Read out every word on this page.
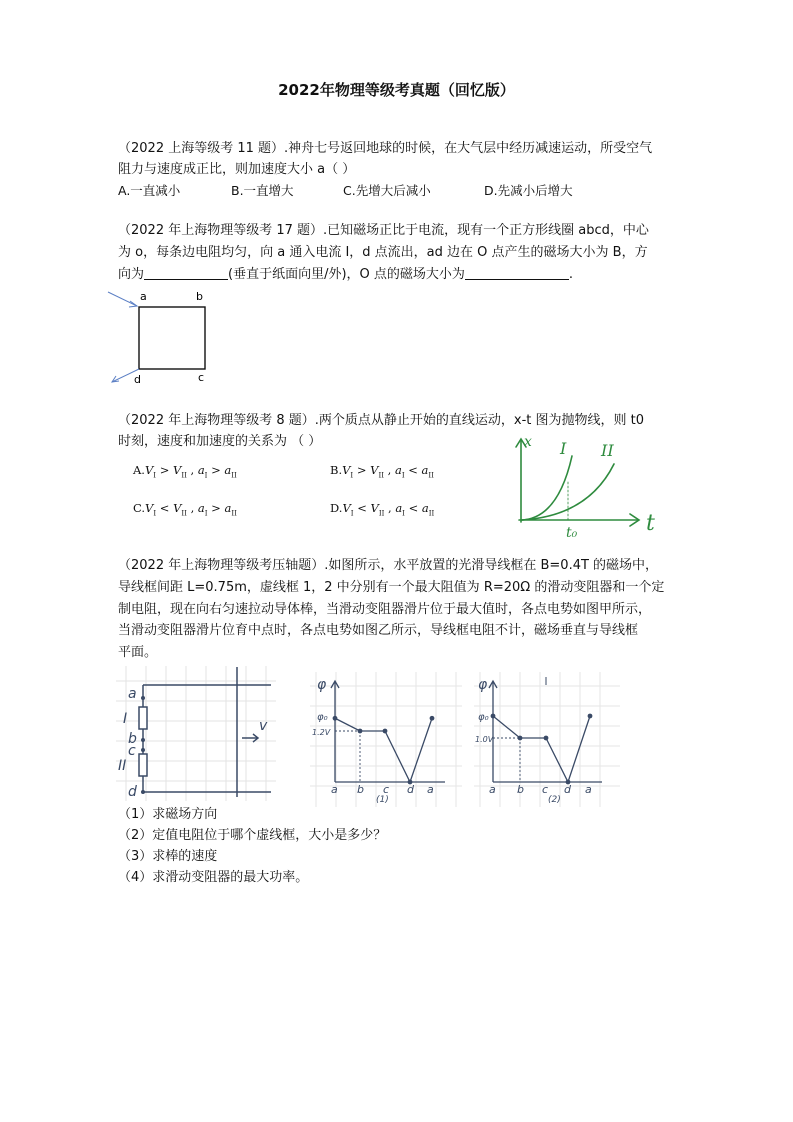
2022年物理等级考真题（回忆版）
（2022 上海等级考 11 题）.神舟七号返回地球的时候，在大气层中经历减速运动，所受空气
阻力与速度成正比，则加速度大小 a（ ）
A.一直减小	B.一直增大	C.先增大后减小	D.先减小后增大
（2022 年上海物理等级考 17 题）.已知磁场正比于电流，现有一个正方形线圈 abcd，中心
为 o，每条边电阻均匀，向 a 通入电流 I，d 点流出，ad 边在 O 点产生的磁场大小为 B，方
向为	(垂直于纸面向里/外)，O 点的磁场大小为	.
a	b
c
d
（2022 年上海物理等级考 8 题）.两个质点从静止开始的直线运动，x-t 图为抛物线，则 t0
时刻，速度和加速度的关系为 （ ）
$A.V_I > V_{II}$ , $a_I > a_{II}$	$B.V_I > V_{II}$ , $a_I < a_{II}$
$C.V_I < V_{II}$ , $a_I > a_{II}$	$D.V_I < V_{II}$ , $a_I < a_{II}$
x I II
t₀	t
（2022 年上海物理等级考压轴题）.如图所示，水平放置的光滑导线框在 B=0.4T 的磁场中，
导线框间距 L=0.75m，虚线框 1，2 中分别有一个最大阻值为 R=20Ω 的滑动变阻器和一个定
制电阻，现在向右匀速拉动导体棒，当滑动变阻器滑片位于最大值时，各点电势如图甲所示，
当滑动变阻器滑片位育中点时，各点电势如图乙所示，导线框电阻不计，磁场垂直与导线框
平面。
a
b
c
d
I
II
v
φ
φ₀
1.2V
a b c d a
(1)
φ
φ₀
1.0V
a b c d a
(2)
（1）求磁场方向
（2）定值电阻位于哪个虚线框，大小是多少？
（3）求棒的速度
（4）求滑动变阻器的最大功率。
